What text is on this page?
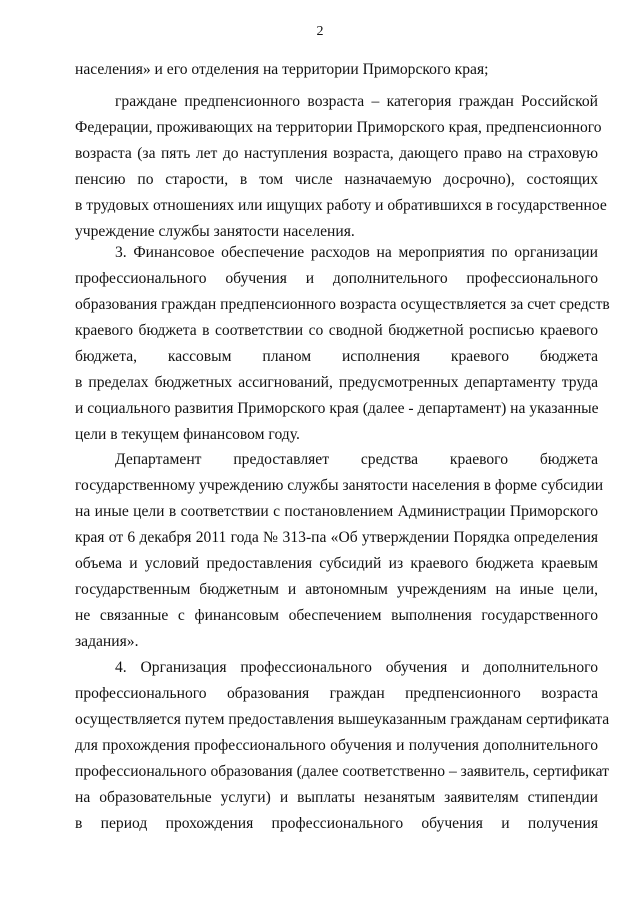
2
населения» и его отделения на территории Приморского края;
граждане предпенсионного возраста – категория граждан Российской
Федерации, проживающих на территории Приморского края, предпенсионного
возраста (за пять лет до наступления возраста, дающего право на страховую
пенсию по старости, в том числе назначаемую досрочно), состоящих
в трудовых отношениях или ищущих работу и обратившихся в государственное
учреждение службы занятости населения.
3. Финансовое обеспечение расходов на мероприятия по организации
профессионального обучения и дополнительного профессионального
образования граждан предпенсионного возраста осуществляется за счет средств
краевого бюджета в соответствии со сводной бюджетной росписью краевого
бюджета, кассовым планом исполнения краевого бюджета
в пределах бюджетных ассигнований, предусмотренных департаменту труда
и социального развития Приморского края (далее - департамент) на указанные
цели в текущем финансовом году.
Департамент предоставляет средства краевого бюджета
государственному учреждению службы занятости населения в форме субсидии
на иные цели в соответствии с постановлением Администрации Приморского
края от 6 декабря 2011 года № 313-па «Об утверждении Порядка определения
объема и условий предоставления субсидий из краевого бюджета краевым
государственным бюджетным и автономным учреждениям на иные цели,
не связанные с финансовым обеспечением выполнения государственного
задания».
4. Организация профессионального обучения и дополнительного
профессионального образования граждан предпенсионного возраста
осуществляется путем предоставления вышеуказанным гражданам сертификата
для прохождения профессионального обучения и получения дополнительного
профессионального образования (далее соответственно – заявитель, сертификат
на образовательные услуги) и выплаты незанятым заявителям стипендии
в период прохождения профессионального обучения и получения
